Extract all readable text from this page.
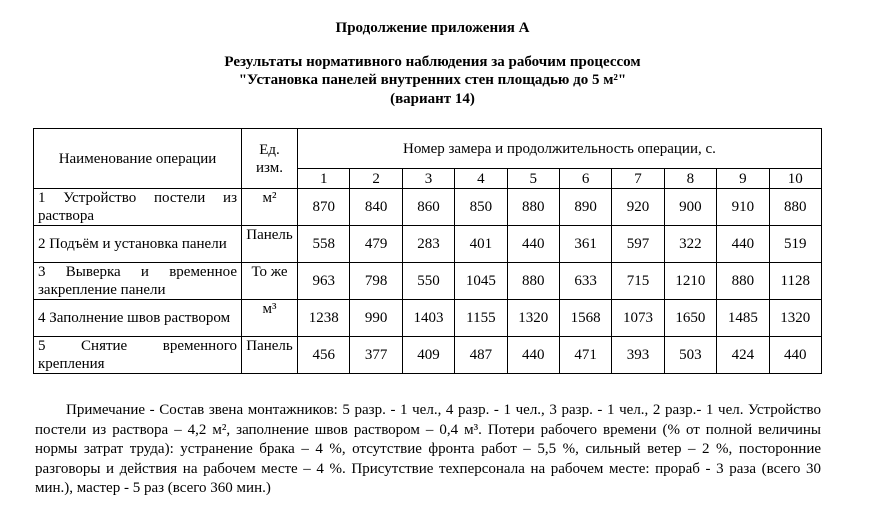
Продолжение приложения А
Результаты нормативного наблюдения за рабочим процессом
"Установка панелей внутренних стен площадью до 5 м²"
(вариант 14)
Наименование операции	Ед. изм.	Номер замера и продолжительность операции, с.									
		1	2	3	4	5	6	7	8	9	10
1 Устройство постели из раствора	м²	870	840	860	850	880	890	920	900	910	880
2 Подъём и установка панели	Панель	558	479	283	401	440	361	597	322	440	519
3 Выверка и временное закрепление панели	То же	963	798	550	1045	880	633	715	1210	880	1128
4 Заполнение швов раствором	м³	1238	990	1403	1155	1320	1568	1073	1650	1485	1320
5 Снятие временного крепления	Панель	456	377	409	487	440	471	393	503	424	440

Примечание - Состав звена монтажников: 5 разр. - 1 чел., 4 разр. - 1 чел., 3 разр. - 1 чел., 2 разр.- 1 чел. Устройство постели из раствора – 4,2 м², заполнение швов раствором – 0,4 м³. Потери рабочего времени (% от полной величины нормы затрат труда): устранение брака – 4 %, отсутствие фронта работ – 5,5 %, сильный ветер – 2 %, посторонние разговоры и действия на рабочем месте – 4 %. Присутствие техперсонала на рабочем месте: прораб - 3 раза (всего 30 мин.), мастер - 5 раз (всего 360 мин.)
